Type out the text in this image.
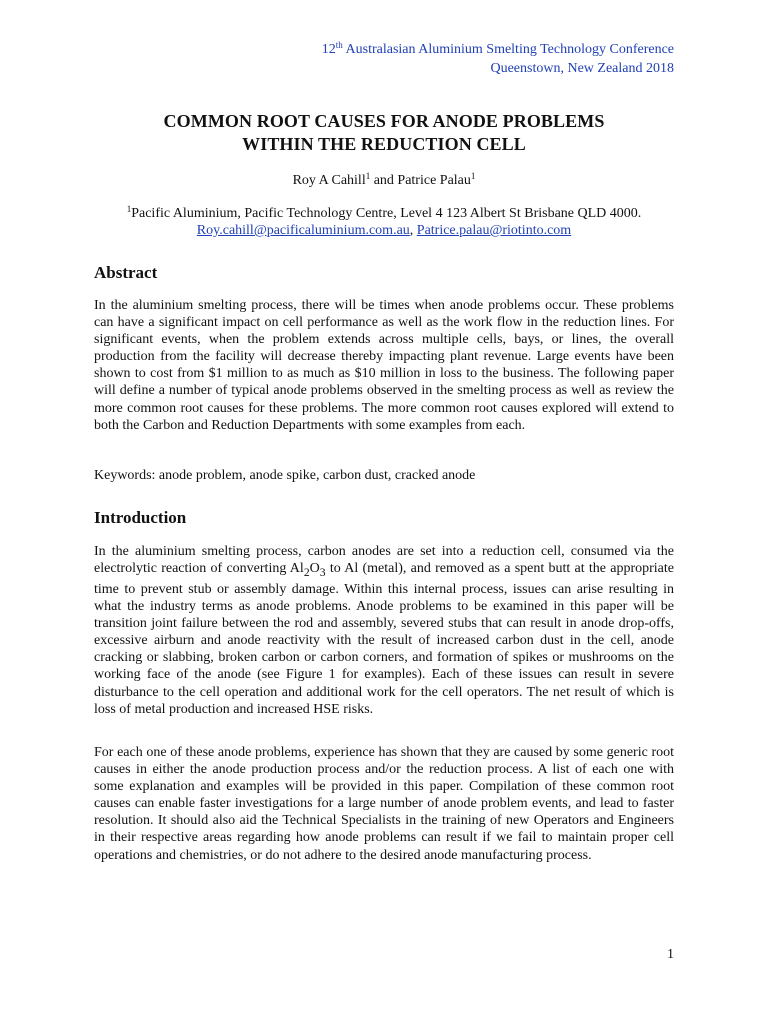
12th Australasian Aluminium Smelting Technology Conference
Queenstown, New Zealand 2018
COMMON ROOT CAUSES FOR ANODE PROBLEMS
WITHIN THE REDUCTION CELL
Roy A Cahill$^1$ and Patrice Palau$^1$
$^1$Pacific Aluminium, Pacific Technology Centre, Level 4 123 Albert St Brisbane QLD 4000.
Roy.cahill@pacificaluminium.com.au, Patrice.palau@riotinto.com
Abstract

In the aluminium smelting process, there will be times when anode problems occur. These problems can have a significant impact on cell performance as well as the work flow in the reduction lines. For significant events, when the problem extends across multiple cells, bays, or lines, the overall production from the facility will decrease thereby impacting plant revenue. Large events have been shown to cost from $1 million to as much as $10 million in loss to the business. The following paper will define a number of typical anode problems observed in the smelting process as well as review the more common root causes for these problems. The more common root causes explored will extend to both the Carbon and Reduction Departments with some examples from each.

Keywords: anode problem, anode spike, carbon dust, cracked anode

Introduction

In the aluminium smelting process, carbon anodes are set into a reduction cell, consumed via the electrolytic reaction of converting $Al_2O_3$ to Al (metal), and removed as a spent butt at the appropriate time to prevent stub or assembly damage. Within this internal process, issues can arise resulting in what the industry terms as anode problems. Anode problems to be examined in this paper will be transition joint failure between the rod and assembly, severed stubs that can result in anode drop-offs, excessive airburn and anode reactivity with the result of increased carbon dust in the cell, anode cracking or slabbing, broken carbon or carbon corners, and formation of spikes or mushrooms on the working face of the anode (see Figure 1 for examples). Each of these issues can result in severe disturbance to the cell operation and additional work for the cell operators. The net result of which is loss of metal production and increased HSE risks.

For each one of these anode problems, experience has shown that they are caused by some generic root causes in either the anode production process and/or the reduction process. A list of each one with some explanation and examples will be provided in this paper. Compilation of these common root causes can enable faster investigations for a large number of anode problem events, and lead to faster resolution. It should also aid the Technical Specialists in the training of new Operators and Engineers in their respective areas regarding how anode problems can result if we fail to maintain proper cell operations and chemistries, or do not adhere to the desired anode manufacturing process.

1
